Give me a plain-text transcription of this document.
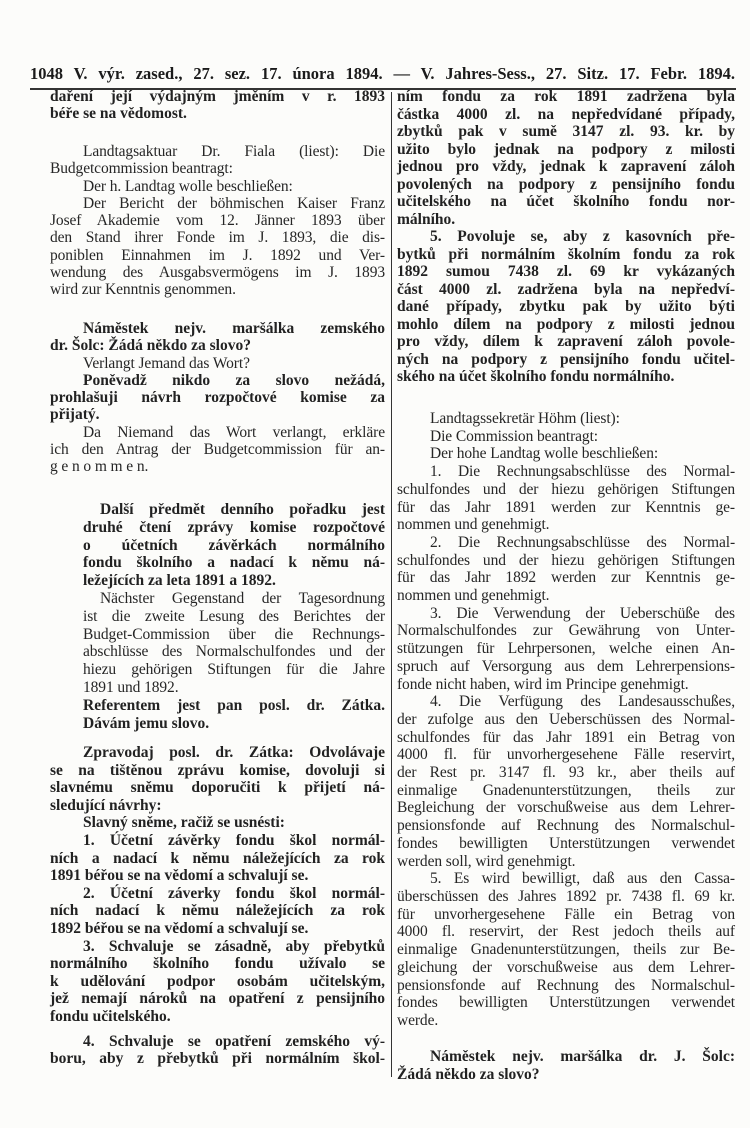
1048 V. výr. zased., 27. sez. 17. února 1894. — V. Jahres-Sess., 27. Sitz. 17. Febr. 1894.
daření její výdajným jměním v r. 1893
béře se na vědomost.
Landtagsaktuar Dr. Fiala (liest): Die
Budgetcommission beantragt:
Der h. Landtag wolle beschließen:
Der Bericht der böhmischen Kaiser Franz
Josef Akademie vom 12. Jänner 1893 über
den Stand ihrer Fonde im J. 1893, die dis-
poniblen Einnahmen im J. 1892 und Ver-
wendung des Ausgabsvermögens im J. 1893
wird zur Kenntnis genommen.
Náměstek nejv. maršálka zemského
dr. Šolc: Žádá někdo za slovo?
Verlangt Jemand das Wort?
Poněvadž nikdo za slovo nežádá,
prohlašuji návrh rozpočtové komise za
přijatý.
Da Niemand das Wort verlangt, erkläre
ich den Antrag der Budgetcommission für an-
g e n o m m e n.
Další předmět denního pořadku jest
druhé čtení zprávy komise rozpočtové
o účetních závěrkách normálního
fondu školního a nadací k němu ná-
ležejících za leta 1891 a 1892.
Nächster Gegenstand der Tagesordnung
ist die zweite Lesung des Berichtes der
Budget-Commission über die Rechnungs-
abschlüsse des Normalschulfondes und der
hiezu gehörigen Stiftungen für die Jahre
1891 und 1892.
Referentem jest pan posl. dr. Zátka.
Dávám jemu slovo.
Zpravodaj posl. dr. Zátka: Odvolávaje
se na tištěnou zprávu komise, dovoluji si
slavnému sněmu doporučiti k přijetí ná-
sledující návrhy:
Slavný sněme, račiž se usnésti:
1. Účetní závěrky fondu škol normál-
ních a nadací k němu náležejících za rok
1891 béřou se na vědomí a schvalují se.
2. Účetní záverky fondu škol normál-
ních nadací k němu náležejících za rok
1892 béřou se na vědomí a schvalují se.
3. Schvaluje se zásadně, aby přebytků
normálního školního fondu užívalo se
k udělování podpor osobám učitelským,
jež nemají nároků na opatření z pensijního
fondu učitelského.
4. Schvaluje se opatření zemského vý-
boru, aby z přebytků při normálním škol-
ním fondu za rok 1891 zadržena byla
částka 4000 zl. na nepředvídané případy,
zbytků pak v sumě 3147 zl. 93. kr. by
užito bylo jednak na podpory z milosti
jednou pro vždy, jednak k zapravení záloh
povolených na podpory z pensijního fondu
učitelského na účet školního fondu nor-
málního.
5. Povoluje se, aby z kasovních pře-
bytků při normálním školním fondu za rok
1892 sumou 7438 zl. 69 kr vykázaných
část 4000 zl. zadržena byla na nepředví-
dané případy, zbytku pak by užito býti
mohlo dílem na podpory z milosti jednou
pro vždy, dílem k zapravení záloh povole-
ných na podpory z pensijního fondu učitel-
ského na účet školního fondu normálního.
Landtagssekretär Höhm (liest):
Die Commission beantragt:
Der hohe Landtag wolle beschließen:
1. Die Rechnungsabschlüsse des Normal-
schulfondes und der hiezu gehörigen Stiftungen
für das Jahr 1891 werden zur Kenntnis ge-
nommen und genehmigt.
2. Die Rechnungsabschlüsse des Normal-
schulfondes und der hiezu gehörigen Stiftungen
für das Jahr 1892 werden zur Kenntnis ge-
nommen und genehmigt.
3. Die Verwendung der Ueberschüße des
Normalschulfondes zur Gewährung von Unter-
stützungen für Lehrpersonen, welche einen An-
spruch auf Versorgung aus dem Lehrerpensions-
fonde nicht haben, wird im Principe genehmigt.
4. Die Verfügung des Landesausschußes,
der zufolge aus den Ueberschüssen des Normal-
schulfondes für das Jahr 1891 ein Betrag von
4000 fl. für unvorhergesehene Fälle reservirt,
der Rest pr. 3147 fl. 93 kr., aber theils auf
einmalige Gnadenunterstützungen, theils zur
Begleichung der vorschußweise aus dem Lehrer-
pensionsfonde auf Rechnung des Normalschul-
fondes bewilligten Unterstützungen verwendet
werden soll, wird genehmigt.
5. Es wird bewilligt, daß aus den Cassa-
überschüssen des Jahres 1892 pr. 7438 fl. 69 kr.
für unvorhergesehene Fälle ein Betrag von
4000 fl. reservirt, der Rest jedoch theils auf
einmalige Gnadenunterstützungen, theils zur Be-
gleichung der vorschußweise aus dem Lehrer-
pensionsfonde auf Rechnung des Normalschul-
fondes bewilligten Unterstützungen verwendet
werde.
Náměstek nejv. maršálka dr. J. Šolc:
Žádá někdo za slovo?
